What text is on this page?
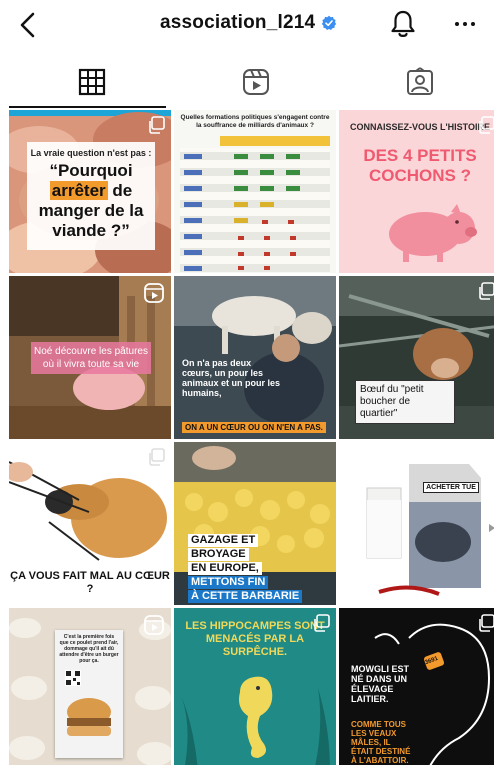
association_l214
La vraie question n'est pas :
“Pourquoi arrêter de manger de la viande ?”
Quelles formations politiques s'engagent contre la souffrance de milliards d'animaux ?	CONNAISSEZ-VOUS L'HISTOIRE
DES 4 PETITS COCHONS ?
Noé découvre les pâtures où il vivra toute sa vie	On n'a pas deux cœurs, un pour les animaux et un pour les humains,
ON A UN CŒUR OU ON N'EN A PAS.
Bœuf du "petit boucher de quartier"
ÇA VOUS FAIT MAL AU CŒUR ?
GAZAGE ET
BROYAGE
EN EUROPE,
METTONS FIN
À CETTE BARBARIE
ACHETER TUE
C'est la première fois que ce poulet prend l'air, dommage qu'il ait dû attendre d'être un burger pour ça.
LES HIPPOCAMPES SONT MENACÉS PAR LA SURPÊCHE.
MOWGLI EST NÉ DANS UN ÉLEVAGE LAITIER.
COMME TOUS LES VEAUX MÂLES, IL ÉTAIT DESTINÉ À L'ABATTOIR.
3691
